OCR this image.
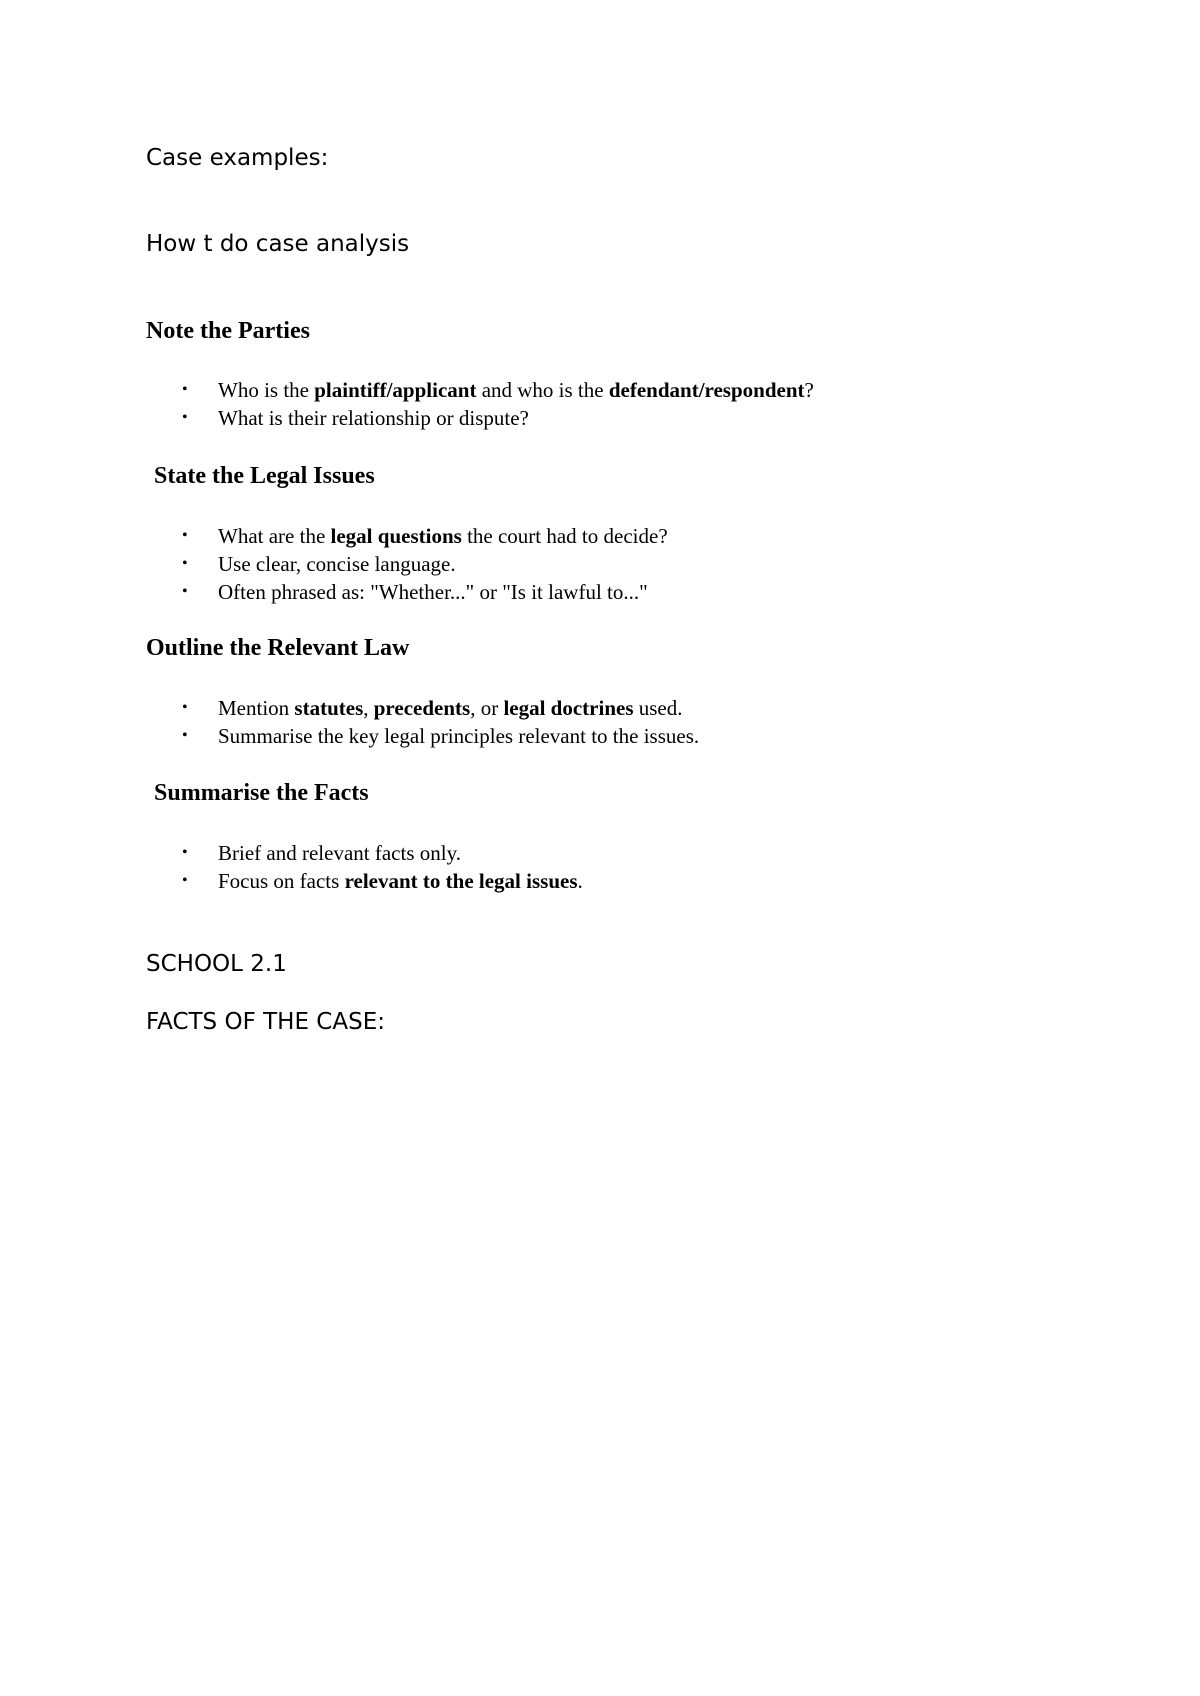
Case examples:

How t do case analysis

Note the Parties
• Who is the plaintiff/applicant and who is the defendant/respondent?
• What is their relationship or dispute?
State the Legal Issues
• What are the legal questions the court had to decide?
• Use clear, concise language.
• Often phrased as: "Whether..." or "Is it lawful to..."
Outline the Relevant Law
• Mention statutes, precedents, or legal doctrines used.
• Summarise the key legal principles relevant to the issues.
Summarise the Facts
• Brief and relevant facts only.
• Focus on facts relevant to the legal issues.

SCHOOL 2.1

FACTS OF THE CASE:
